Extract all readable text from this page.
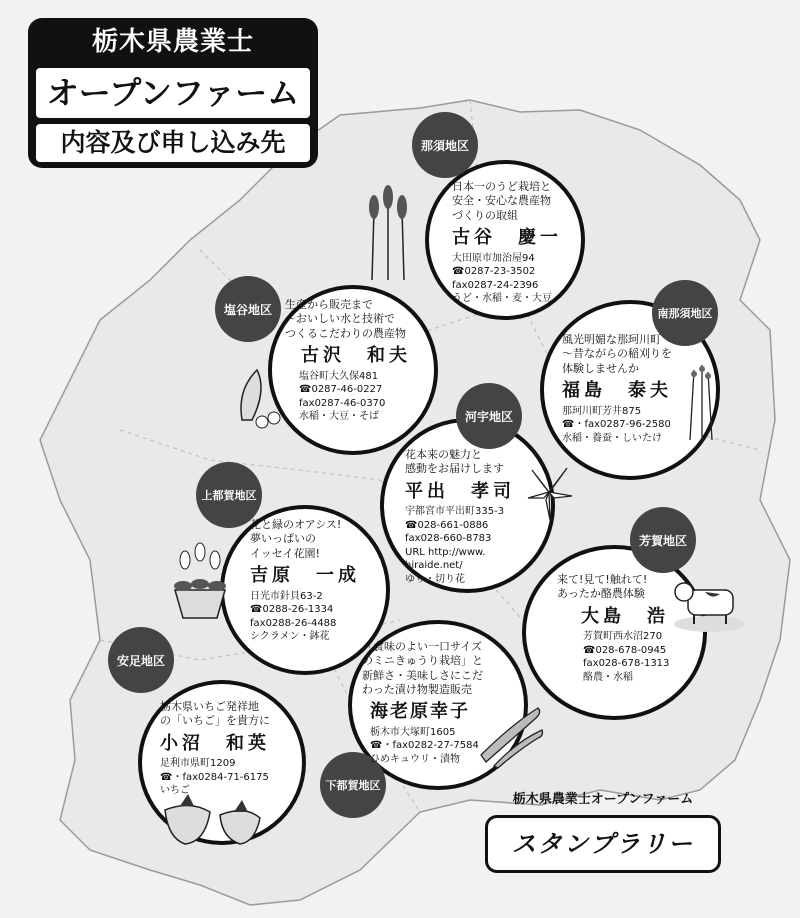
栃木県農業士
オープンファーム
内容及び申し込み先	那須地区
日本一のうど栽培と
安全・安心な農産物
づくりの取組
古谷　慶一
大田原市加治屋94
☎0287-23-3502
fax0287-24-2396
うど・水稲・麦・大豆
塩谷地区	生産から販売まで
～おいしい水と技術で
つくるこだわりの農産物
古沢　和夫
塩谷町大久保481
☎0287-46-0227
fax0287-46-0370
水稲・大豆・そば
南那須地区
風光明媚な那珂川町
～昔ながらの稲刈りを
体験しませんか
福島　泰夫
那珂川町芳井875
☎・fax0287-96-2580
水稲・養蚕・しいたけ
河宇地区
花本来の魅力と
感動をお届けします
平出　孝司
宇都宮市平出町335-3
☎028-661-0886
fax028-660-8783
URL http://www.
hiraide.net/
ゆり・切り花
上都賀地区
花と緑のオアシス!
夢いっぱいの
イッセイ花園!
吉原　一成
日光市針貝63-2
☎0288-26-1334
fax0288-26-4488
シクラメン・鉢花
芳賀地区
来て!見て!触れて!
あったか酪農体験
大島　浩
芳賀町西水沼270
☎028-678-0945
fax028-678-1313
酪農・水稲
下都賀地区
「食味のよい一口サイズ
のミニきゅうり栽培」と
新鮮さ・美味しさにこだ
わった漬け物製造販売
海老原幸子
栃木市大塚町1605
☎・fax0282-27-7584
ひめキュウリ・漬物
安足地区
栃木県いちご発祥地
の「いちご」を貴方に
小沼　和英
足利市県町1209
☎・fax0284-71-6175
いちご
栃木県農業士オープンファーム
スタンプラリー
